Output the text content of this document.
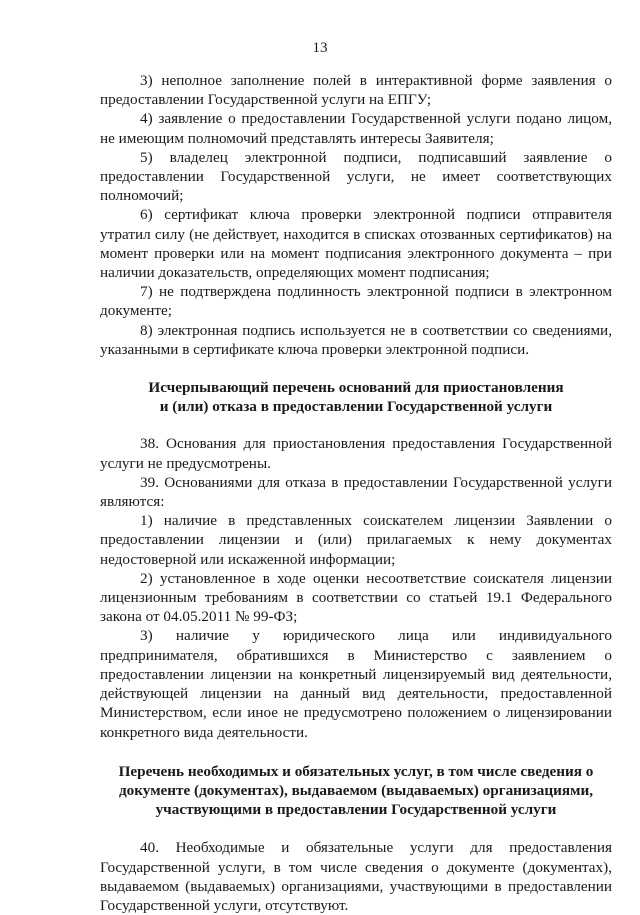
13

3) неполное заполнение полей в интерактивной форме заявления о предоставлении Государственной услуги на ЕПГУ;

4) заявление о предоставлении Государственной услуги подано лицом, не имеющим полномочий представлять интересы Заявителя;

5) владелец электронной подписи, подписавший заявление о предоставлении Государственной услуги, не имеет соответствующих полномочий;

6) сертификат ключа проверки электронной подписи отправителя утратил силу (не действует, находится в списках отозванных сертификатов) на момент проверки или на момент подписания электронного документа – при наличии доказательств, определяющих момент подписания;

7) не подтверждена подлинность электронной подписи в электронном документе;

8) электронная подпись используется не в соответствии со сведениями, указанными в сертификате ключа проверки электронной подписи.

Исчерпывающий перечень оснований для приостановления

и (или) отказа в предоставлении Государственной услуги

38. Основания для приостановления предоставления Государственной услуги не предусмотрены.

39. Основаниями для отказа в предоставлении Государственной услуги являются:

1) наличие в представленных соискателем лицензии Заявлении о предоставлении лицензии и (или) прилагаемых к нему документах недостоверной или искаженной информации;

2) установленное в ходе оценки несоответствие соискателя лицензии лицензионным требованиям в соответствии со статьей 19.1 Федерального закона от 04.05.2011 № 99-ФЗ;

3) наличие у юридического лица или индивидуального предпринимателя, обратившихся в Министерство с заявлением о предоставлении лицензии на конкретный лицензируемый вид деятельности, действующей лицензии на данный вид деятельности, предоставленной Министерством, если иное не предусмотрено положением о лицензировании конкретного вида деятельности.

Перечень необходимых и обязательных услуг, в том числе сведения о

документе (документах), выдаваемом (выдаваемых) организациями,

участвующими в предоставлении Государственной услуги

40. Необходимые и обязательные услуги для предоставления Государственной услуги, в том числе сведения о документе (документах), выдаваемом (выдаваемых) организациями, участвующими в предоставлении Государственной услуги, отсутствуют.
